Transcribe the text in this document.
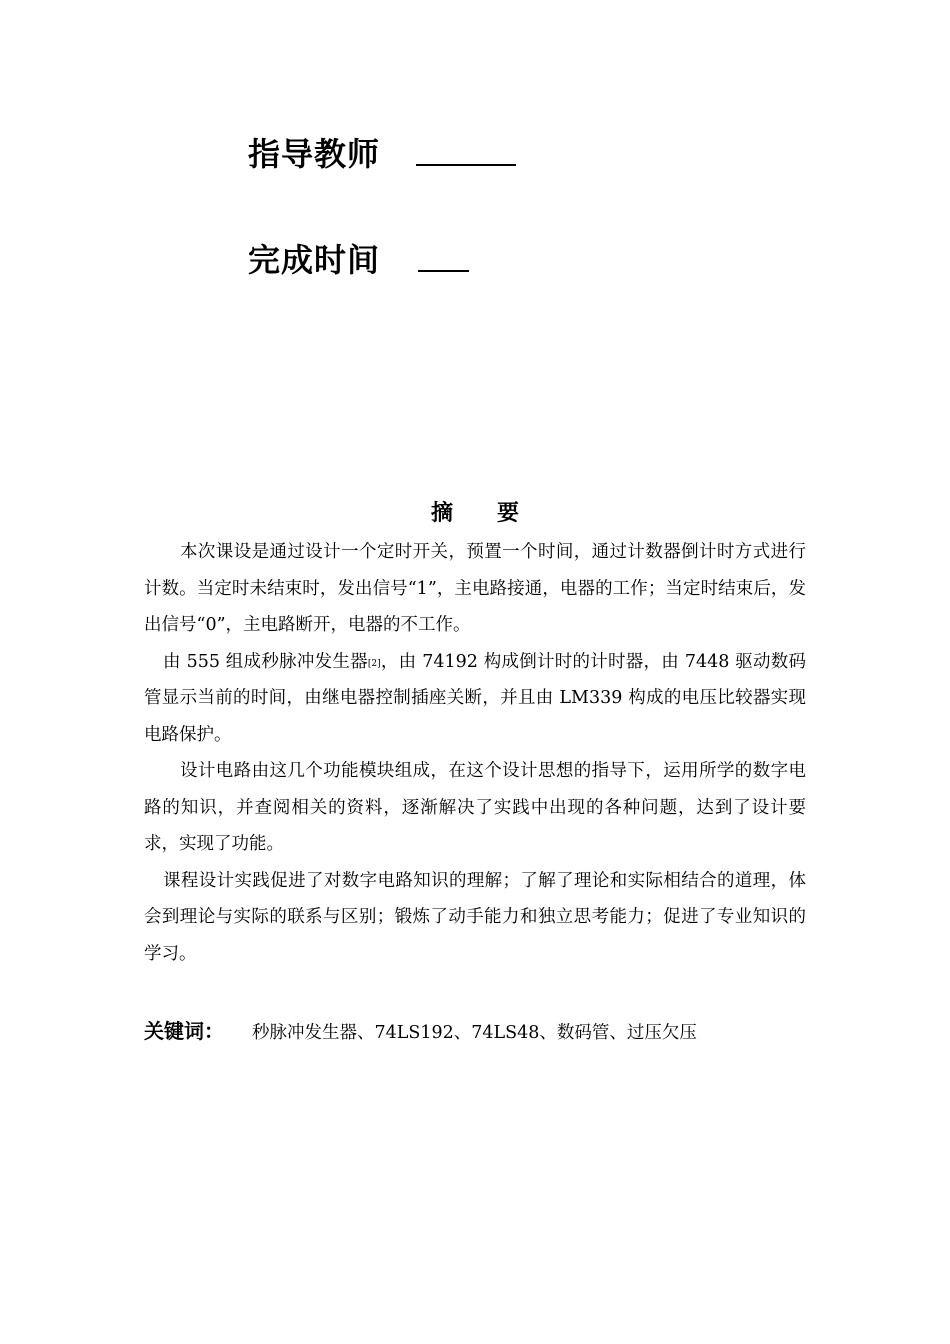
指导教师
完成时间
摘　　要

本次课设是通过设计一个定时开关，预置一个时间，通过计数器倒计时方式进行计数。当定时未结束时，发出信号“1”，主电路接通，电器的工作；当定时结束后，发出信号“0”，主电路断开，电器的不工作。

由 555 组成秒脉冲发生器[2]，由 74192 构成倒计时的计时器，由 7448 驱动数码管显示当前的时间，由继电器控制插座关断，并且由 LM339 构成的电压比较器实现电路保护。

设计电路由这几个功能模块组成，在这个设计思想的指导下，运用所学的数字电路的知识，并查阅相关的资料，逐渐解决了实践中出现的各种问题，达到了设计要求，实现了功能。

课程设计实践促进了对数字电路知识的理解；了解了理论和实际相结合的道理，体会到理论与实际的联系与区别；锻炼了动手能力和独立思考能力；促进了专业知识的学习。

关键词：	秒脉冲发生器、74LS192、74LS48、数码管、过压欠压
